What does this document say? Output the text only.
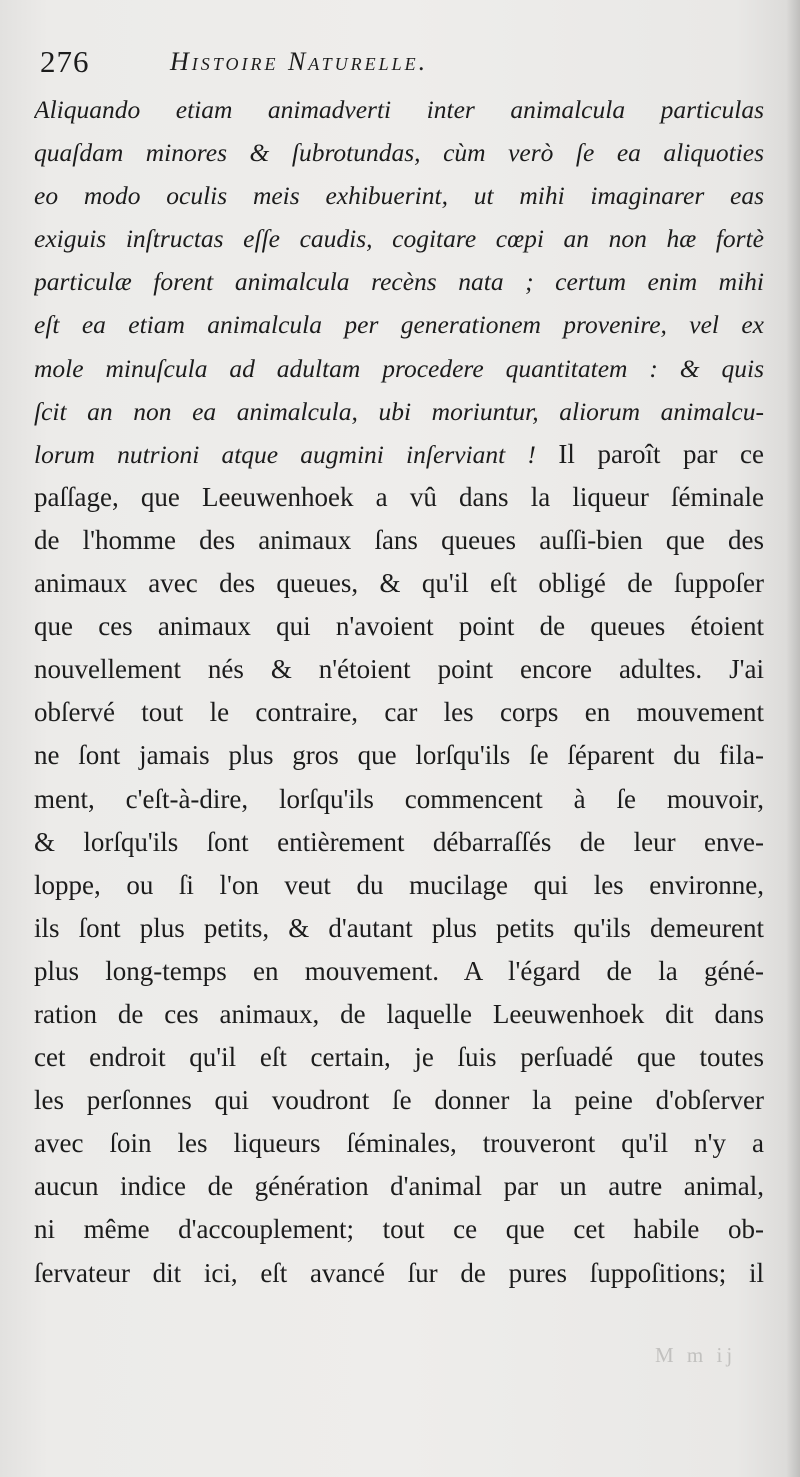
276	Histoire Naturelle.
Aliquando etiam animadverti inter animalcula particulas
quaſdam minores & ſubrotundas, cùm verò ſe ea aliquoties
eo modo oculis meis exhibuerint, ut mihi imaginarer eas
exiguis inſtructas eſſe caudis, cogitare cœpi an non hæ fortè
particulæ forent animalcula recèns nata ; certum enim mihi
eſt ea etiam animalcula per generationem provenire, vel ex
mole minuſcula ad adultam procedere quantitatem : & quis
ſcit an non ea animalcula, ubi moriuntur, aliorum animalcu-
lorum nutrioni atque augmini inſerviant ! Il paroît par ce
paſſage, que Leeuwenhoek a vû dans la liqueur ſéminale
de l'homme des animaux ſans queues auſſi-bien que des
animaux avec des queues, & qu'il eſt obligé de ſuppoſer
que ces animaux qui n'avoient point de queues étoient
nouvellement nés & n'étoient point encore adultes. J'ai
obſervé tout le contraire, car les corps en mouvement
ne ſont jamais plus gros que lorſqu'ils ſe ſéparent du fila-
ment, c'eſt-à-dire, lorſqu'ils commencent à ſe mouvoir,
& lorſqu'ils ſont entièrement débarraſſés de leur enve-
loppe, ou ſi l'on veut du mucilage qui les environne,
ils ſont plus petits, & d'autant plus petits qu'ils demeurent
plus long-temps en mouvement. A l'égard de la géné-
ration de ces animaux, de laquelle Leeuwenhoek dit dans
cet endroit qu'il eſt certain, je ſuis perſuadé que toutes
les perſonnes qui voudront ſe donner la peine d'obſerver
avec ſoin les liqueurs ſéminales, trouveront qu'il n'y a
aucun indice de génération d'animal par un autre animal,
ni même d'accouplement; tout ce que cet habile ob-
ſervateur dit ici, eſt avancé ſur de pures ſuppoſitions; il
M m ij
